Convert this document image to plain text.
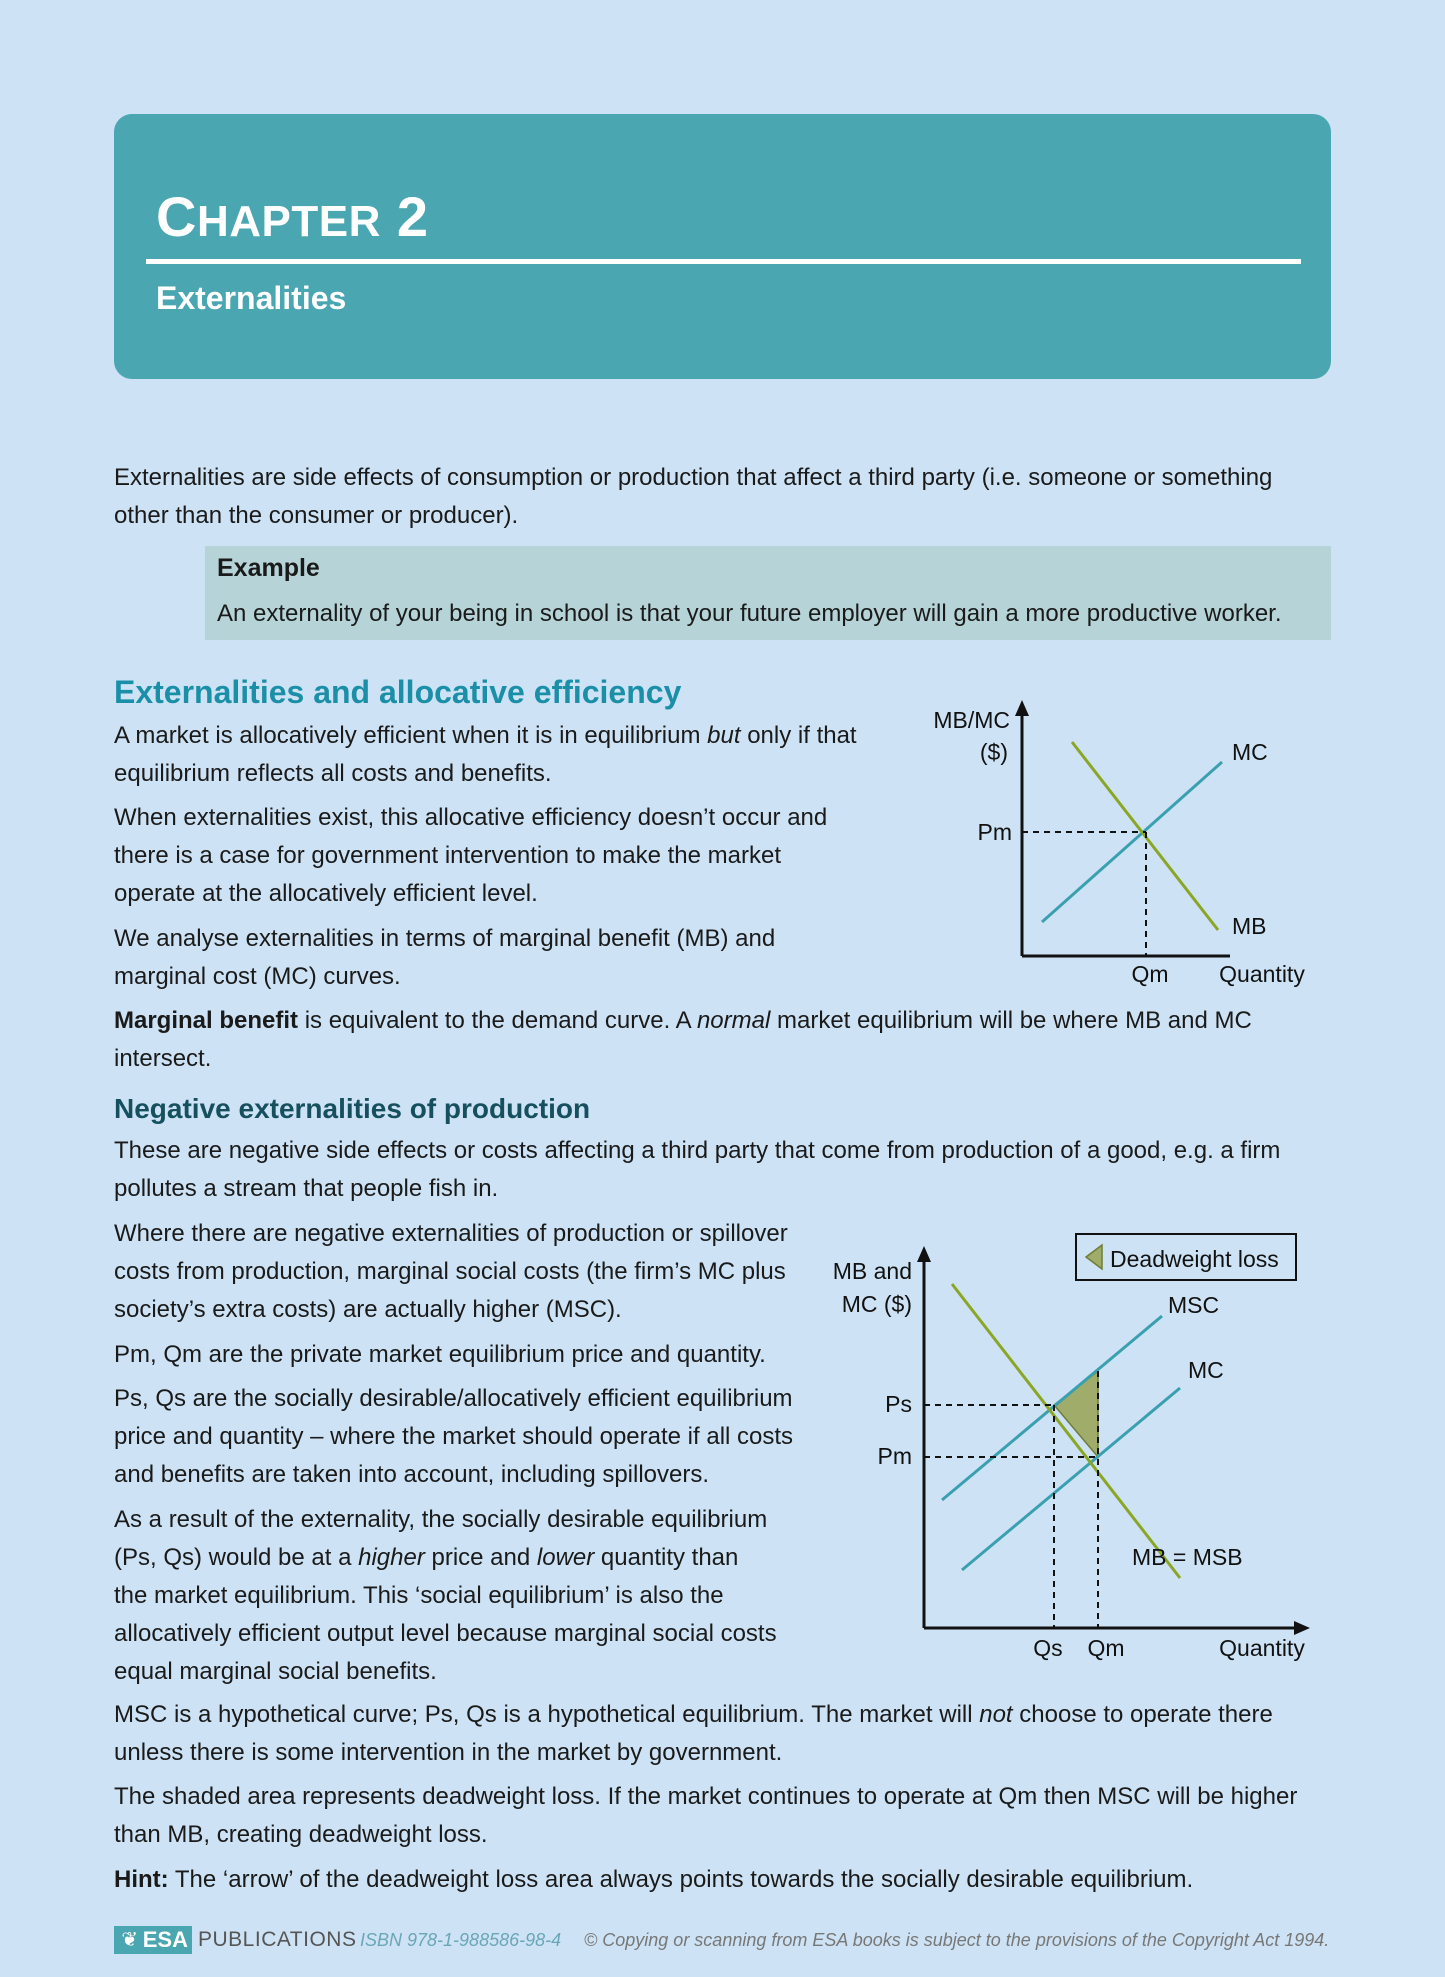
CHAPTER 2
Externalities

Externalities are side effects of consumption or production that affect a third party (i.e. someone or something
other than the consumer or producer).

Example
An externality of your being in school is that your future employer will gain a more productive worker.
Externalities and allocative efficiency

A market is allocatively efficient when it is in equilibrium but only if that
equilibrium reflects all costs and benefits.

When externalities exist, this allocative efficiency doesn’t occur and
there is a case for government intervention to make the market
operate at the allocatively efficient level.

We analyse externalities in terms of marginal benefit (MB) and
marginal cost (MC) curves.

Marginal benefit is equivalent to the demand curve. A normal market equilibrium will be where MB and MC
intersect.

MB/MC
($)
Pm
MC
MB
Qm Quantity
Negative externalities of production

These are negative side effects or costs affecting a third party that come from production of a good, e.g. a firm
pollutes a stream that people fish in.

Where there are negative externalities of production or spillover
costs from production, marginal social costs (the firm’s MC plus
society’s extra costs) are actually higher (MSC).

Pm, Qm are the private market equilibrium price and quantity.

Ps, Qs are the socially desirable/allocatively efficient equilibrium
price and quantity – where the market should operate if all costs
and benefits are taken into account, including spillovers.

As a result of the externality, the socially desirable equilibrium
(Ps, Qs) would be at a higher price and lower quantity than
the market equilibrium. This ‘social equilibrium’ is also the
allocatively efficient output level because marginal social costs
equal marginal social benefits.

MSC is a hypothetical curve; Ps, Qs is a hypothetical equilibrium. The market will not choose to operate there
unless there is some intervention in the market by government.

The shaded area represents deadweight loss. If the market continues to operate at Qm then MSC will be higher
than MB, creating deadweight loss.

Hint: The ‘arrow’ of the deadweight loss area always points towards the socially desirable equilibrium.

Deadweight loss
MB and
MC ($)	MSC
MC
MB = MSB
Ps
Pm
Qs Qm	Quantity
❦ ESA PUBLICATIONS ISBN 978-1-988586-98-4 © Copying or scanning from ESA books is subject to the provisions of the Copyright Act 1994.
